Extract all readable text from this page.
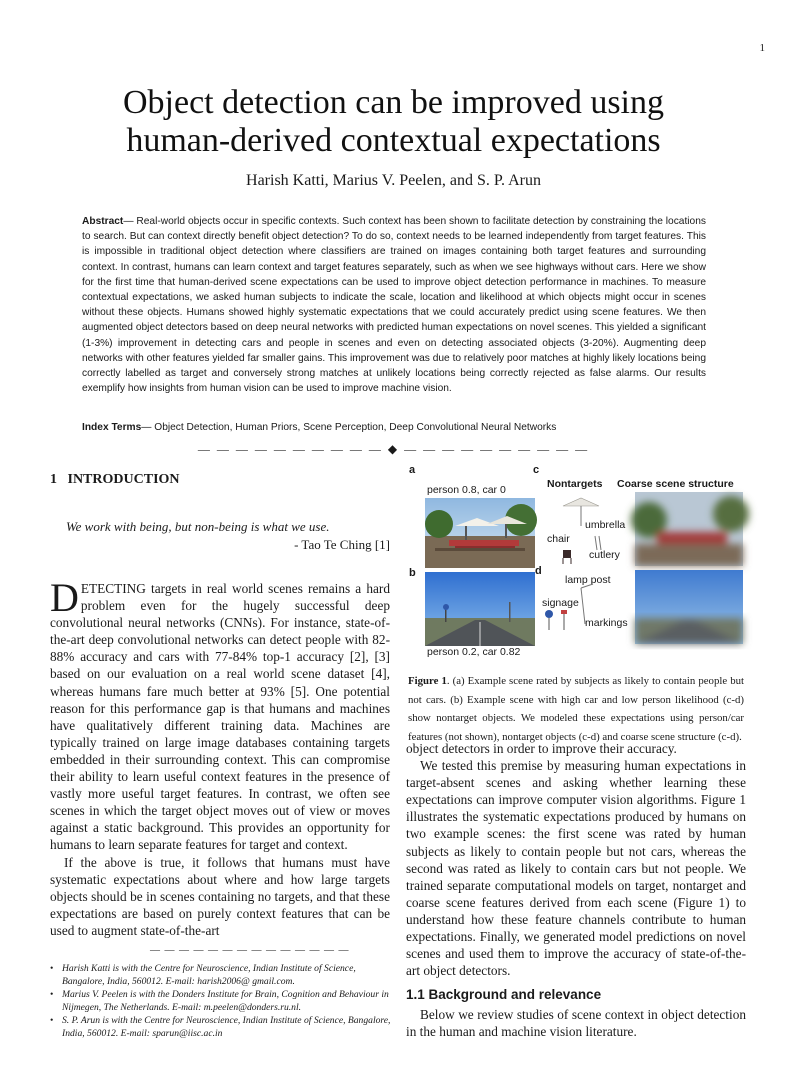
1
Object detection can be improved using
human-derived contextual expectations
Harish Katti, Marius V. Peelen, and S. P. Arun
Abstract— Real-world objects occur in specific contexts. Such context has been shown to facilitate detection by constraining the locations to search. But can context directly benefit object detection? To do so, context needs to be learned independently from target features. This is impossible in traditional object detection where classifiers are trained on images containing both target features and surrounding context. In contrast, humans can learn context and target features separately, such as when we see highways without cars. Here we show for the first time that human-derived scene expectations can be used to improve object detection performance in machines. To measure contextual expectations, we asked human subjects to indicate the scale, location and likelihood at which objects might occur in scenes without these objects. Humans showed highly systematic expectations that we could accurately predict using scene features. We then augmented object detectors based on deep neural networks with predicted human expectations on novel scenes. This yielded a significant (1-3%) improvement in detecting cars and people in scenes and even on detecting associated objects (3-20%). Augmenting deep networks with other features yielded far smaller gains. This improvement was due to relatively poor matches at highly likely locations being correctly labelled as target and conversely strong matches at unlikely locations being correctly rejected as false alarms. Our results exemplify how insights from human vision can be used to improve machine vision.
Index Terms— Object Detection, Human Priors, Scene Perception, Deep Convolutional Neural Networks
— — — — — — — — — — ◆ — — — — — — — — — —
1 INTRODUCTION
We work with being, but non-being is what we use.
- Tao Te Ching [1]

DETECTING targets in real world scenes remains a hard problem even for the hugely successful deep convolutional neural networks (CNNs). For instance, state-of-the-art deep convolutional networks can detect people with 82-88% accuracy and cars with 77-84% top-1 accuracy [2], [3] based on our evaluation on a real world scene dataset [4], whereas humans fare much better at 93% [5]. One potential reason for this performance gap is that humans and machines have qualitatively different training data. Machines are typically trained on large image databases containing targets embedded in their surrounding context. This can compromise their ability to learn useful context features in the presence of vastly more useful target features. In contrast, we often see scenes in which the target object moves out of view or moves against a static background. This provides an opportunity for humans to learn separate features for target and context.

If the above is true, it follows that humans must have systematic expectations about where and how large targets objects should be in scenes containing no targets, and that these expectations are based on purely context features that can be used to augment state-of-the-art

— — — — — — — — — — — — — —
• Harish Katti is with the Centre for Neuroscience, Indian Institute of Science, Bangalore, India, 560012. E-mail: harish2006@ gmail.com.
• Marius V. Peelen is with the Donders Institute for Brain, Cognition and Behaviour in Nijmegen, The Netherlands. E-mail: m.peelen@donders.ru.nl.
• S. P. Arun is with the Centre for Neuroscience, Indian Institute of Science, Bangalore, India, 560012. E-mail: sparun@iisc.ac.in
a
person 0.8, car 0
b
person 0.2, car 0.82
c
Nontargets Coarse scene structure
umbrella
chair
cutlery
d
lamp post
signage
markings
Figure 1. (a) Example scene rated by subjects as likely to contain people but not cars. (b) Example scene with high car and low person likelihood (c-d) show nontarget objects. We modeled these expectations using person/car features (not shown), nontarget objects (c-d) and coarse scene structure (c-d).

object detectors in order to improve their accuracy.

We tested this premise by measuring human expectations in target-absent scenes and asking whether learning these expectations can improve computer vision algorithms. Figure 1 illustrates the systematic expectations produced by humans on two example scenes: the first scene was rated by human subjects as likely to contain people but not cars, whereas the second was rated as likely to contain cars but not people. We trained separate computational models on target, nontarget and coarse scene features derived from each scene (Figure 1) to understand how these feature channels contribute to human expectations. Finally, we generated model predictions on novel scenes and used them to improve the accuracy of state-of-the-art object detectors.

1.1 Background and relevance

Below we review studies of scene context in object detection in the human and machine vision literature.
